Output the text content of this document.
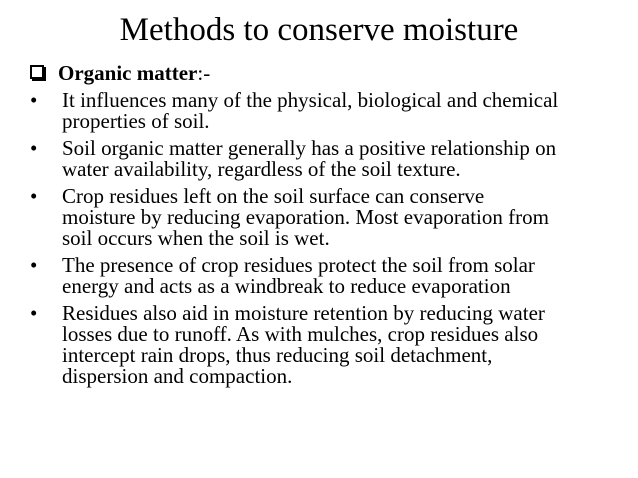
Methods to conserve moisture
Organic matter :-
•	It influences many of the physical, biological and chemical
properties of soil.
•	Soil organic matter generally has a positive relationship on
water availability, regardless of the soil texture.
•	Crop residues left on the soil surface can conserve
moisture by reducing evaporation. Most evaporation from
soil occurs when the soil is wet.
•	The presence of crop residues protect the soil from solar
energy and acts as a windbreak to reduce evaporation
•	Residues also aid in moisture retention by reducing water
losses due to runoff. As with mulches, crop residues also
intercept rain drops, thus reducing soil detachment,
dispersion and compaction.
